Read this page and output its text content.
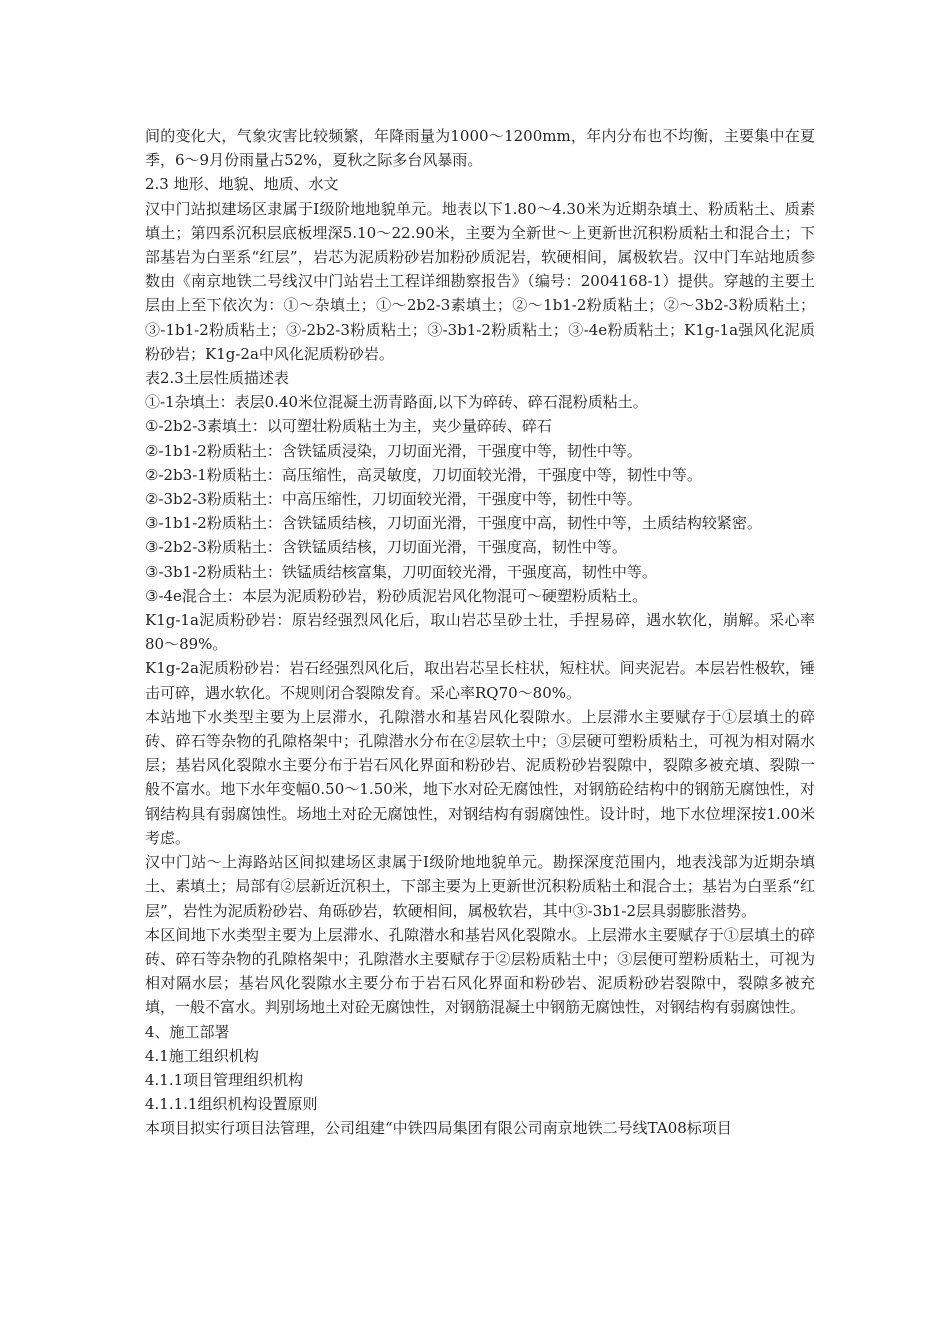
间的变化大，气象灾害比较频繁，年降雨量为1000～1200mm，年内分布也不均衡，主要集中在夏季，6～9月份雨量占52%，夏秋之际多台风暴雨。

2.3 地形、地貌、地质、水文

汉中门站拟建场区隶属于Ⅰ级阶地地貌单元。地表以下1.80～4.30米为近期杂填土、粉质粘土、质素填土；第四系沉积层底板埋深5.10～22.90米，主要为全新世～上更新世沉积粉质粘土和混合土；下部基岩为白垩系“红层”，岩芯为泥质粉砂岩加粉砂质泥岩，软硬相间，属极软岩。汉中门车站地质参数由《南京地铁二号线汉中门站岩土工程详细勘察报告》（编号：2004168-1）提供。穿越的主要土层由上至下依次为：①～杂填土；①～2b2-3素填土；②～1b1-2粉质粘土；②～3b2-3粉质粘土；③-1b1-2粉质粘土；③-2b2-3粉质粘土；③-3b1-2粉质粘土；③-4e粉质粘土；K1g-1a强风化泥质粉砂岩；K1g-2a中风化泥质粉砂岩。

表2.3土层性质描述表

①-1杂填土：表层0.40米位混凝土沥青路面,以下为碎砖、碎石混粉质粘土。

①-2b2-3素填土：以可塑壮粉质粘土为主，夹少量碎砖、碎石

②-1b1-2粉质粘土：含铁锰质浸染，刀切面光滑，干强度中等，韧性中等。

②-2b3-1粉质粘土：高压缩性，高灵敏度，刀切面较光滑，干强度中等，韧性中等。

②-3b2-3粉质粘土：中高压缩性，刀切面较光滑，干强度中等，韧性中等。

③-1b1-2粉质粘土：含铁锰质结核，刀切面光滑，干强度中高，韧性中等，土质结构较紧密。

③-2b2-3粉质粘土：含铁锰质结核，刀切面光滑，干强度高，韧性中等。

③-3b1-2粉质粘土：铁锰质结核富集，刀叨面较光滑，干强度高，韧性中等。

③-4e混合土：本层为泥质粉砂岩，粉砂质泥岩风化物混可～硬塑粉质粘土。

K1g-1a泥质粉砂岩：原岩经强烈风化后，取山岩芯呈砂土壮，手捏易碎，遇水软化，崩解。采心率80～89%。

K1g-2a泥质粉砂岩：岩石经强烈风化后，取出岩芯呈长柱状，短柱状。间夹泥岩。本层岩性极软，锤击可碎，遇水软化。不规则闭合裂隙发育。采心率RQ70～80%。

本站地下水类型主要为上层滞水，孔隙潜水和基岩风化裂隙水。上层滞水主要赋存于①层填土的碎砖、碎石等杂物的孔隙格架中；孔隙潜水分布在②层软土中；③层硬可塑粉质粘土，可视为相对隔水层；基岩风化裂隙水主要分布于岩石风化界面和粉砂岩、泥质粉砂岩裂隙中，裂隙多被充填、裂隙一般不富水。地下水年变幅0.50～1.50米，地下水对砼无腐蚀性，对钢筋砼结构中的钢筋无腐蚀性，对钢结构具有弱腐蚀性。场地土对砼无腐蚀性，对钢结构有弱腐蚀性。设计时，地下水位埋深按1.00米考虑。

汉中门站～上海路站区间拟建场区隶属于Ⅰ级阶地地貌单元。勘探深度范围内，地表浅部为近期杂填土、素填土；局部有②层新近沉积土，下部主要为上更新世沉积粉质粘土和混合土；基岩为白垩系“红层”，岩性为泥质粉砂岩、角砾砂岩，软硬相间，属极软岩，其中③-3b1-2层具弱膨胀潜势。

本区间地下水类型主要为上层滞水、孔隙潜水和基岩风化裂隙水。上层滞水主要赋存于①层填土的碎砖、碎石等杂物的孔隙格架中；孔隙潜水主要赋存于②层粉质粘土中；③层便可塑粉质粘土，可视为相对隔水层；基岩风化裂隙水主要分布于岩石风化界面和粉砂岩、泥质粉砂岩裂隙中，裂隙多被充填，一般不富水。判别场地土对砼无腐蚀性，对钢筋混凝土中钢筋无腐蚀性，对钢结构有弱腐蚀性。

4、施工部署

4.1施工组织机构

4.1.1项目管理组织机构

4.1.1.1组织机构设置原则

本项目拟实行项目法管理，公司组建“中铁四局集团有限公司南京地铁二号线TA08标项目
